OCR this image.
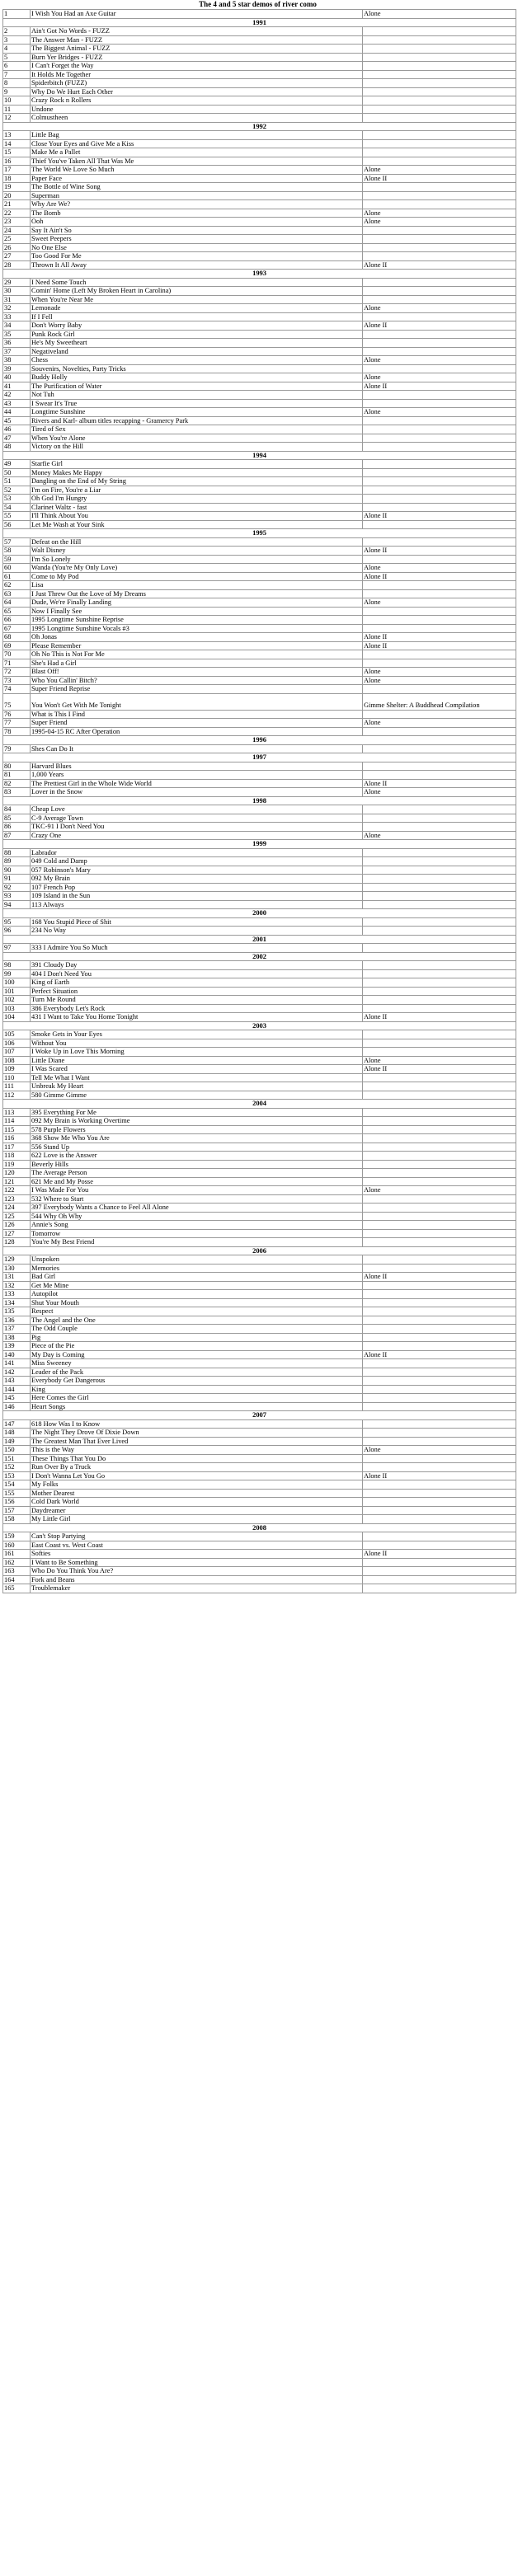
The 4 and 5 star demos of river como
1	I Wish You Had an Axe Guitar	Alone
1991		
2	Ain't Got No Words - FUZZ	
3	The Answer Man - FUZZ	
4	The Biggest Animal - FUZZ	
5	Burn Yer Bridges - FUZZ	
6	I Can't Forget the Way	
7	It Holds Me Together	
8	Spiderbitch (FUZZ)	
9	Why Do We Hurt Each Other	
10	Crazy Rock n Rollers	
11	Undone	
12	Colmustheen	
1992		
13	Little Bag	
14	Close Your Eyes and Give Me a Kiss	
15	Make Me a Pallet	
16	Thief You've Taken All That Was Me	
17	The World We Love So Much	Alone
18	Paper Face	Alone II
19	The Bottle of Wine Song	
20	Superman	
21	Why Are We?	
22	The Bomb	Alone
23	Ooh	Alone
24	Say It Ain't So	
25	Sweet Peepers	
26	No One Else	
27	Too Good For Me	
28	Thrown It All Away	Alone II
1993		
29	I Need Some Touch	
30	Comin' Home (Left My Broken Heart in Carolina)	
31	When You're Near Me	
32	Lemonade	Alone
33	If I Fell	
34	Don't Worry Baby	Alone II
35	Punk Rock Girl	
36	He's My Sweetheart	
37	Negativeland	
38	Chess	Alone
39	Souvenirs, Novelties, Party Tricks	
40	Buddy Holly	Alone
41	The Purification of Water	Alone II
42	Not Tuh	
43	I Swear It's True	
44	Longtime Sunshine	Alone
45	Rivers and Karl- album titles recapping - Gramercy Park	
46	Tired of Sex	
47	When You're Alone	
48	Victory on the Hill	
1994		
49	Starfie Girl	
50	Money Makes Me Happy	
51	Dangling on the End of My String	
52	I'm on Fire, You're a Liar	
53	Oh God I'm Hungry	
54	Clarinet Waltz - fast	
55	I'll Think About You	Alone II
56	Let Me Wash at Your Sink	
1995		
57	Defeat on the Hill	
58	Walt Disney	Alone II
59	I'm So Lonely	
60	Wanda (You're My Only Love)	Alone
61	Come to My Pod	Alone II
62	Lisa	
63	I Just Threw Out the Love of My Dreams	
64	Dude, We're Finally Landing	Alone
65	Now I Finally See	
66	1995 Longtime Sunshine Reprise	
67	1995 Longtime Sunshine Vocals #3	
68	Oh Jonas	Alone II
69	Please Remember	Alone II
70	Oh No This is Not For Me	
71	She's Had a Girl	
72	Blast Off!	Alone
73	Who You Callin' Bitch?	Alone
74	Super Friend Reprise	
75	You Won't Get With Me Tonight	Gimme Shelter: A Buddhead Compilation
76	What is This I Find	
77	Super Friend	Alone
78	1995-04-15 RC After Operation	
1996		
79	Shes Can Do It	
1997		
80	Harvard Blues	
81	1,000 Years	
82	The Prettiest Girl in the Whole Wide World	Alone II
83	Lover in the Snow	Alone
1998		
84	Cheap Love	
85	C-9 Average Town	
86	TKC-91 I Don't Need You	
87	Crazy One	Alone
1999		
88	Labrador	
89	049 Cold and Damp	
90	057 Robinson's Mary	
91	092 My Brain	
92	107 French Pop	
93	109 Island in the Sun	
94	113 Always	
2000		
95	168 You Stupid Piece of Shit	
96	234 No Way	
2001		
97	333 I Admire You So Much	
2002		
98	391 Cloudy Day	
99	404 I Don't Need You	
100	King of Earth	
101	Perfect Situation	
102	Turn Me Round	
103	386 Everybody Let's Rock	
104	431 I Want to Take You Home Tonight	Alone II
2003		
105	Smoke Gets in Your Eyes	
106	Without You	
107	I Woke Up in Love This Morning	
108	Little Diane	Alone
109	I Was Scared	Alone II
110	Tell Me What I Want	
111	Unbreak My Heart	
112	580 Gimme Gimme	
2004		
113	395 Everything For Me	
114	092 My Brain is Working Overtime	
115	578 Purple Flowers	
116	368 Show Me Who You Are	
117	556 Stand Up	
118	622 Love is the Answer	
119	Beverly Hills	
120	The Average Person	
121	621 Me and My Posse	
122	I Was Made For You	Alone
123	532 Where to Start	
124	397 Everybody Wants a Chance to Feel All Alone	
125	544 Why Oh Why	
126	Annie's Song	
127	Tomorrow	
128	You're My Best Friend	
2006		
129	Unspoken	
130	Memories	
131	Bad Girl	Alone II
132	Get Me Mine	
133	Autopilot	
134	Shut Your Mouth	
135	Respect	
136	The Angel and the One	
137	The Odd Couple	
138	Pig	
139	Piece of the Pie	
140	My Day is Coming	Alone II
141	Miss Sweeney	
142	Leader of the Pack	
143	Everybody Get Dangerous	
144	King	
145	Here Comes the Girl	
146	Heart Songs	
2007		
147	618 How Was I to Know	
148	The Night They Drove Of Dixie Down	
149	The Greatest Man That Ever Lived	
150	This is the Way	Alone
151	These Things That You Do	
152	Run Over By a Truck	
153	I Don't Wanna Let You Go	Alone II
154	My Folks	
155	Mother Dearest	
156	Cold Dark World	
157	Daydreamer	
158	My Little Girl	
2008		
159	Can't Stop Partying	
160	East Coast vs. West Coast	
161	Softies	Alone II
162	I Want to Be Something	
163	Who Do You Think You Are?	
164	Fork and Beans	
165	Troublemaker	
